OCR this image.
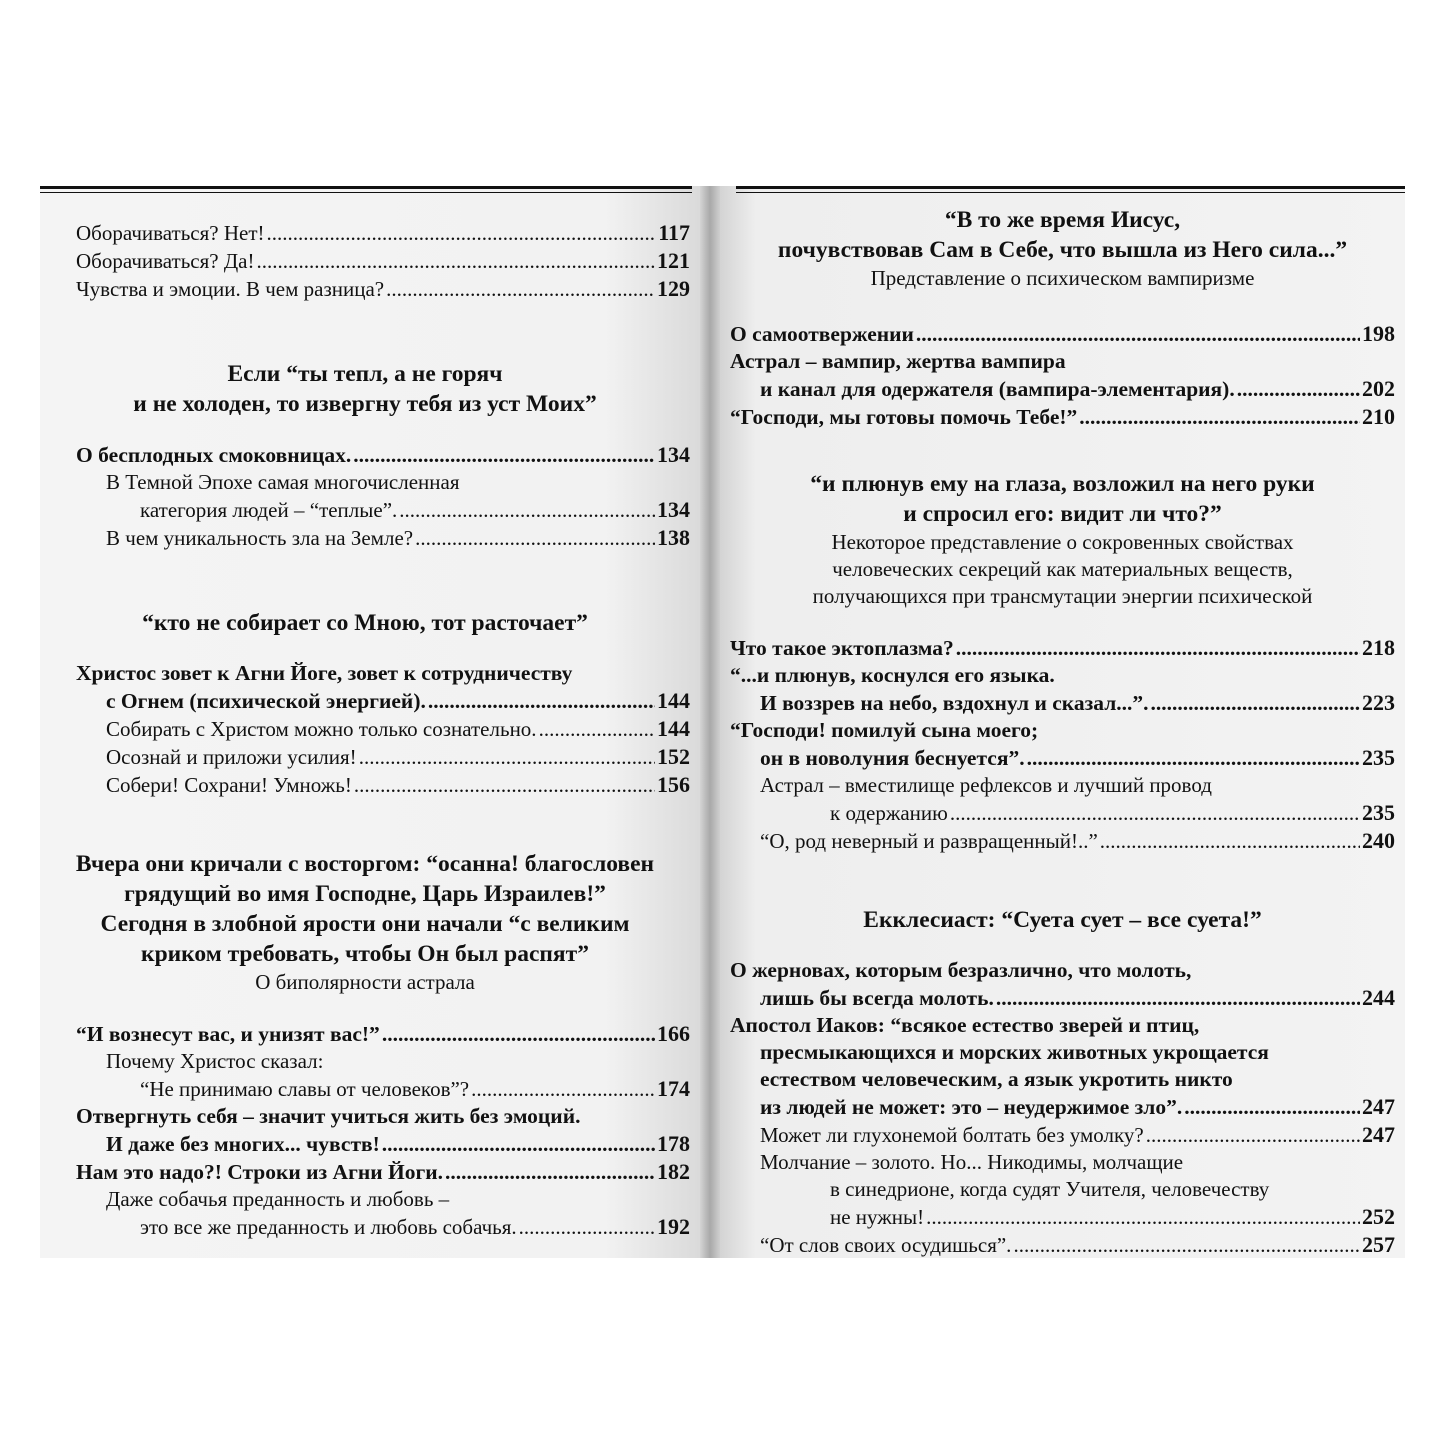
Оборачиваться? Нет! .....	117
Оборачиваться? Да! .....	121
Чувства и эмоции. В чем разница? .....	129
Если “ты тепл, а не горяч
и не холоден, то извергну тебя из уст Моих”
О бесплодных смоковницах. .....	134
В Темной Эпохе самая многочисленная
категория людей – “теплые”. .....	134
В чем уникальность зла на Земле? .....	138
“кто не собирает со Мною, тот расточает”
Христос зовет к Агни Йоге, зовет к сотрудничеству
с Огнем (психической энергией). .....	144
Собирать с Христом можно только сознательно. .....	144
Осознай и приложи усилия! .....	152
Собери! Сохрани! Умножь! .....	156
Вчера они кричали с восторгом: “осанна! благословен
грядущий во имя Господне, Царь Израилев!”
Сегодня в злобной ярости они начали “с великим
криком требовать, чтобы Он был распят”
О биполярности астрала
“И вознесут вас, и унизят вас!” .....	166
Почему Христос сказал:
“Не принимаю славы от человеков”? .....	174
Отвергнуть себя – значит учиться жить без эмоций.
И даже без многих... чувств! .....	178
Нам это надо?! Строки из Агни Йоги. .....	182
Даже собачья преданность и любовь –
это все же преданность и любовь собачья. .....	192
“В то же время Иисус,
почувствовав Сам в Себе, что вышла из Него сила...”
Представление о психическом вампиризме
О самоотвержении .....	198
Астрал – вампир, жертва вампира
и канал для одержателя (вампира-элементария). .....	202
“Господи, мы готовы помочь Тебе!” .....	210
“и плюнув ему на глаза, возложил на него руки
и спросил его: видит ли что?”
Некоторое представление о сокровенных свойствах
человеческих секреций как материальных веществ,
получающихся при трансмутации энергии психической
Что такое эктоплазма? .....	218
“...и плюнув, коснулся его языка.
И воззрев на небо, вздохнул и сказал...”. .....	223
“Господи! помилуй сына моего;
он в новолуния беснуется”. .....	235
Астрал – вместилище рефлексов и лучший провод
к одержанию .....	235
“О, род неверный и развращенный!..” .....	240
Екклесиаст: “Суета сует – все суета!”
О жерновах, которым безразлично, что молоть,
лишь бы всегда молоть. .....	244
Апостол Иаков: “всякое естество зверей и птиц,
пресмыкающихся и морских животных укрощается
естеством человеческим, а язык укротить никто
из людей не может: это – неудержимое зло”. .....	247
Может ли глухонемой болтать без умолку? .....	247
Молчание – золото. Но... Никодимы, молчащие
в синедрионе, когда судят Учителя, человечеству
не нужны! .....	252
“От слов своих осудишься”. .....	257
